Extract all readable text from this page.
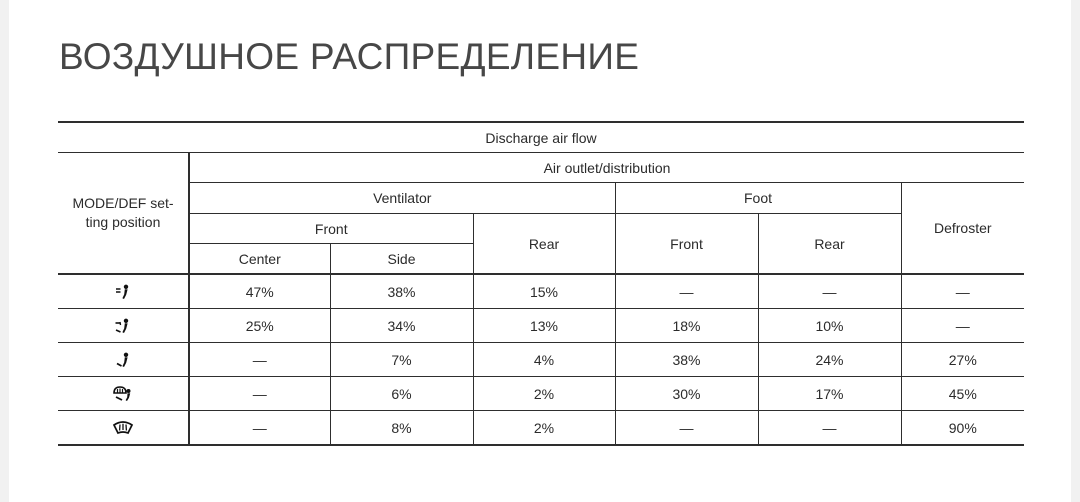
ВОЗДУШНОЕ РАСПРЕДЕЛЕНИЕ
Discharge air flow						

MODE/DEF set-ting position	Air outlet/distribution					
	Ventilator			Foot		Defroster
	Front		Rear	Front	Rear	
	Center	Side				
	47%	38%	15%	—	—	—
	25%	34%	13%	18%	10%	—
	—	7%	4%	38%	24%	27%
	—	6%	2%	30%	17%	45%
	—	8%	2%	—	—	90%
